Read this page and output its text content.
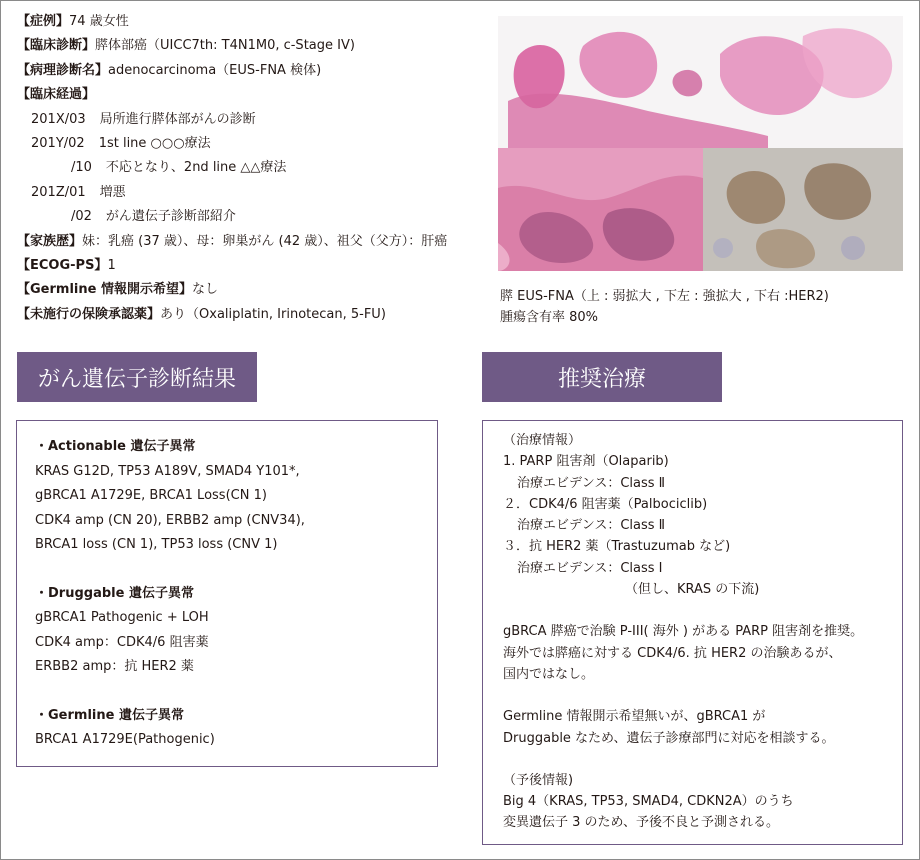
【症例】74 歳女性
【臨床診断】膵体部癌（UICC7th: T4N1M0, c-Stage IV)
【病理診断名】adenocarcinoma（EUS-FNA 検体)
【臨床経過】
201X/03 局所進行膵体部がんの診断
201Y/02 1st line ○○○療法
/10 不応となり、2nd line △△療法
201Z/01 増悪
/02 がん遺伝子診断部紹介
【家族歴】妹：乳癌 (37 歳）、母：卵巣がん (42 歳）、祖父（父方）：肝癌
【ECOG-PS】1
【Germline 情報開示希望】なし
【未施行の保険承認薬】あり（Oxaliplatin, Irinotecan, 5-FU)
膵 EUS-FNA（上 : 弱拡大 , 下左 : 強拡大 , 下右 :HER2)
腫瘍含有率 80%
がん遺伝子診断結果	推奨治療
・Actionable 遺伝子異常
KRAS G12D, TP53 A189V, SMAD4 Y101*,
gBRCA1 A1729E, BRCA1 Loss(CN 1)
CDK4 amp (CN 20), ERBB2 amp (CNV34),
BRCA1 loss (CN 1), TP53 loss (CNV 1)
・Druggable 遺伝子異常
gBRCA1 Pathogenic + LOH
CDK4 amp：CDK4/6 阻害薬
ERBB2 amp：抗 HER2 薬
・Germline 遺伝子異常
BRCA1 A1729E(Pathogenic)
（治療情報）
1. PARP 阻害剤（Olaparib)
治療エビデンス：Class Ⅱ
２．CDK4/6 阻害薬（Palbociclib)
治療エビデンス：Class Ⅱ
３．抗 HER2 薬（Trastuzumab など)
治療エビデンス：Class Ⅰ
（但し、KRAS の下流)
gBRCA 膵癌で治験 P-III( 海外 ) がある PARP 阻害剤を推奨。
海外では膵癌に対する CDK4/6. 抗 HER2 の治験あるが、
国内ではなし。
Germline 情報開示希望無いが、gBRCA1 が
Druggable なため、遺伝子診療部門に対応を相談する。
（予後情報)
Big 4（KRAS, TP53, SMAD4, CDKN2A）のうち
変異遺伝子 3 のため、予後不良と予測される。
